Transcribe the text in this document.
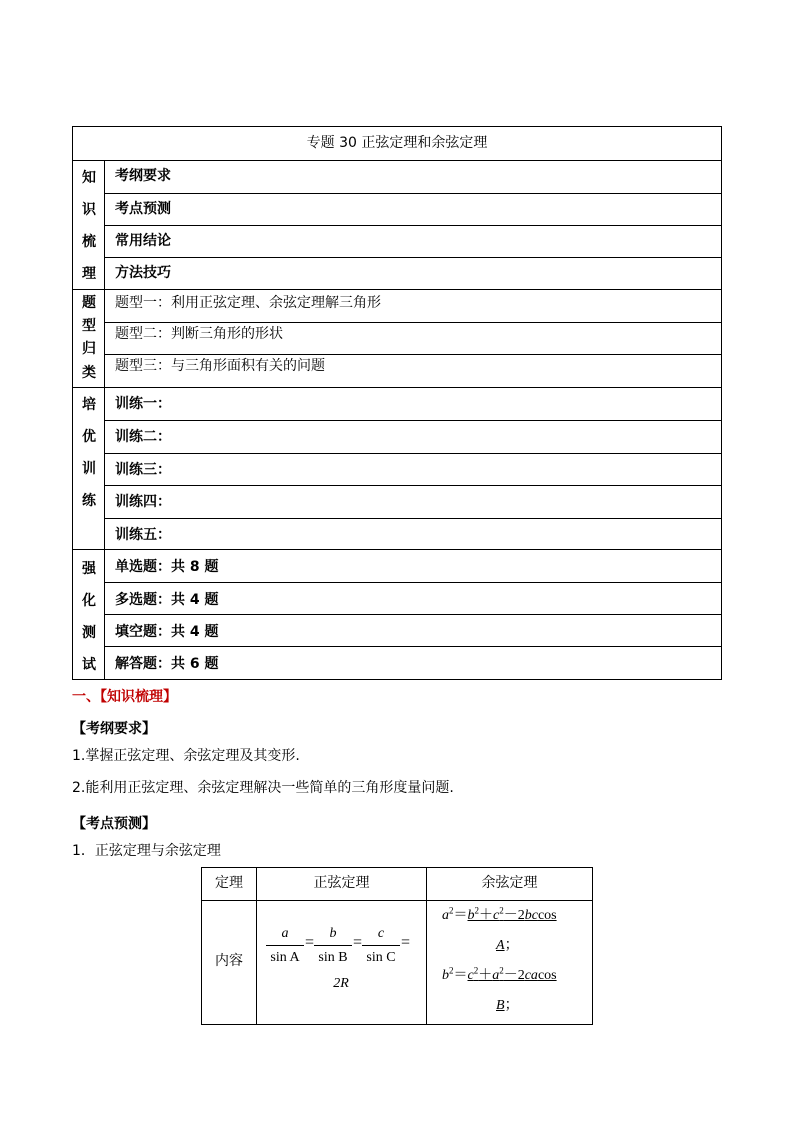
专题 30 正弦定理和余弦定理
知
识
梳
理
考纲要求
考点预测
常用结论
方法技巧
题
型
归
类
题型一：利用正弦定理、余弦定理解三角形
题型二：判断三角形的形状
题型三：与三角形面积有关的问题
培
优
训
练
训练一：
训练二：
训练三：
训练四：
训练五：
强
化
测
试
单选题：共 8 题
多选题：共 4 题
填空题：共 4 题
解答题：共 6 题
一、【知识梳理】
【考纲要求】
1.掌握正弦定理、余弦定理及其变形.
2.能利用正弦定理、余弦定理解决一些简单的三角形度量问题.
【考点预测】
1．正弦定理与余弦定理
定理	正弦定理	余弦定理
内容
a
sin A
=
b
sin B
=
c
sin C
=
2R
$a^2=b^2+c^2-2bccos$
A；
$b^2=c^2+a^2-2cacos$
B；
